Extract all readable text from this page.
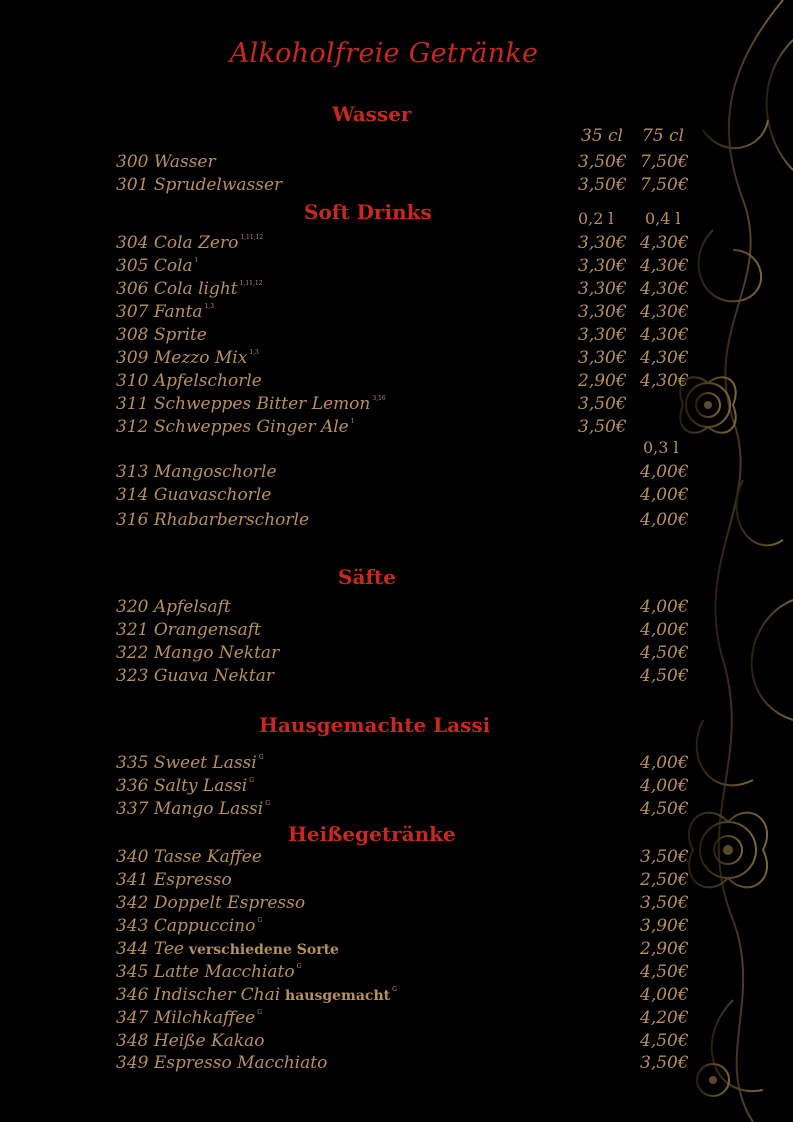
Alkoholfreie Getränke
Wasser
35 cl 75 cl
Soft Drinks	0,2 l 0,4 l
0,3 l
Säfte
Hausgemachte Lassi
Heißegetränke
300 Wasser	3,50€ 7,50€
301 Sprudelwasser	3,50€ 7,50€
304 Cola Zero $^{1,11,12}$	3,30€ 4,30€
305 Cola $^1$	3,30€ 4,30€
306 Cola light $^{1,11,12}$	3,30€ 4,30€
307 Fanta $^{1,3}$	3,30€ 4,30€
308 Sprite	3,30€ 4,30€
309 Mezzo Mix $^{1,3}$	3,30€ 4,30€
310 Apfelschorle	2,90€ 4,30€
311 Schweppes Bitter Lemon $^{3,16}$	3,50€
312 Schweppes Ginger Ale $^1$	3,50€
313 Mangoschorle	4,00€
314 Guavaschorle	4,00€
316 Rhabarberschorle	4,00€
320 Apfelsaft	4,00€
321 Orangensaft	4,00€
322 Mango Nektar	4,50€
323 Guava Nektar	4,50€
335 Sweet Lassi $^G$	4,00€
336 Salty Lassi $^G$	4,00€
337 Mango Lassi $^G$	4,50€
340 Tasse Kaffee	3,50€
341 Espresso	2,50€
342 Doppelt Espresso	3,50€
343 Cappuccino $^G$	3,90€
344 Tee verschiedene Sorte	2,90€
345 Latte Macchiato $^G$	4,50€
346 Indischer Chai hausgemacht $^G$	4,00€
347 Milchkaffee $^G$	4,20€
348 Heiße Kakao	4,50€
349 Espresso Macchiato	3,50€
